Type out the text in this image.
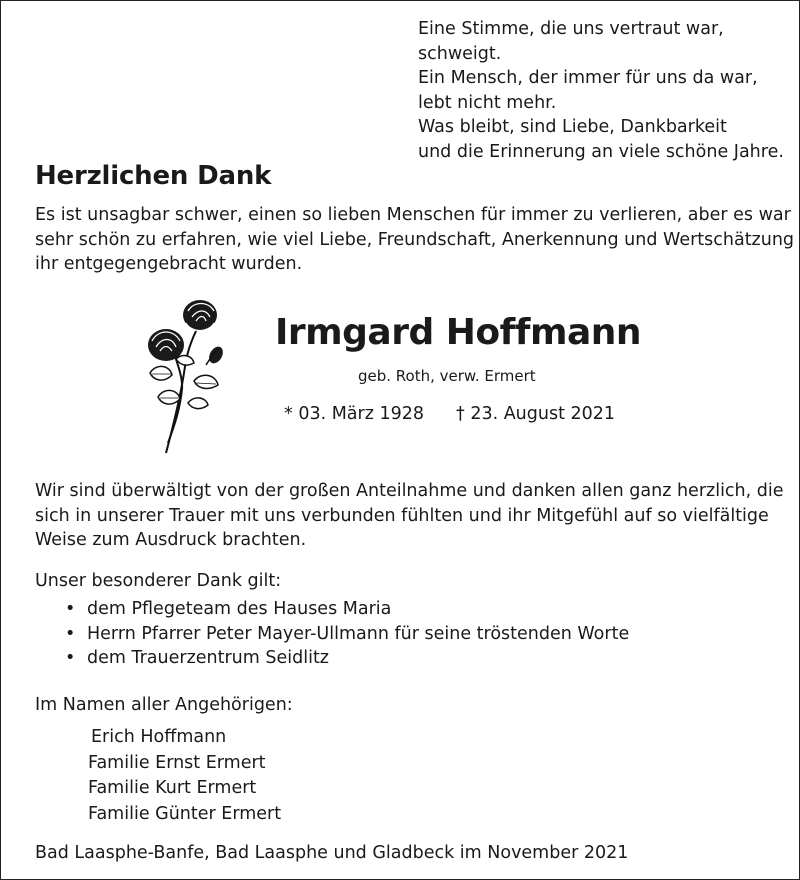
Eine Stimme, die uns vertraut war,
schweigt.
Ein Mensch, der immer für uns da war,
lebt nicht mehr.
Was bleibt, sind Liebe, Dankbarkeit
und die Erinnerung an viele schöne Jahre.
Herzlichen Dank
Es ist unsagbar schwer, einen so lieben Menschen für immer zu verlieren, aber es war
sehr schön zu erfahren, wie viel Liebe, Freundschaft, Anerkennung und Wertschätzung
ihr entgegengebracht wurden.
Irmgard Hoffmann
geb. Roth, verw. Ermert
* 03. März 1928 † 23. August 2021
Wir sind überwältigt von der großen Anteilnahme und danken allen ganz herzlich, die
sich in unserer Trauer mit uns verbunden fühlten und ihr Mitgefühl auf so vielfältige
Weise zum Ausdruck brachten.
Unser besonderer Dank gilt:
• dem Pflegeteam des Hauses Maria
• Herrn Pfarrer Peter Mayer-Ullmann für seine tröstenden Worte
• dem Trauerzentrum Seidlitz
Im Namen aller Angehörigen:
Erich Hoffmann
Familie Ernst Ermert
Familie Kurt Ermert
Familie Günter Ermert
Bad Laasphe-Banfe, Bad Laasphe und Gladbeck im November 2021
